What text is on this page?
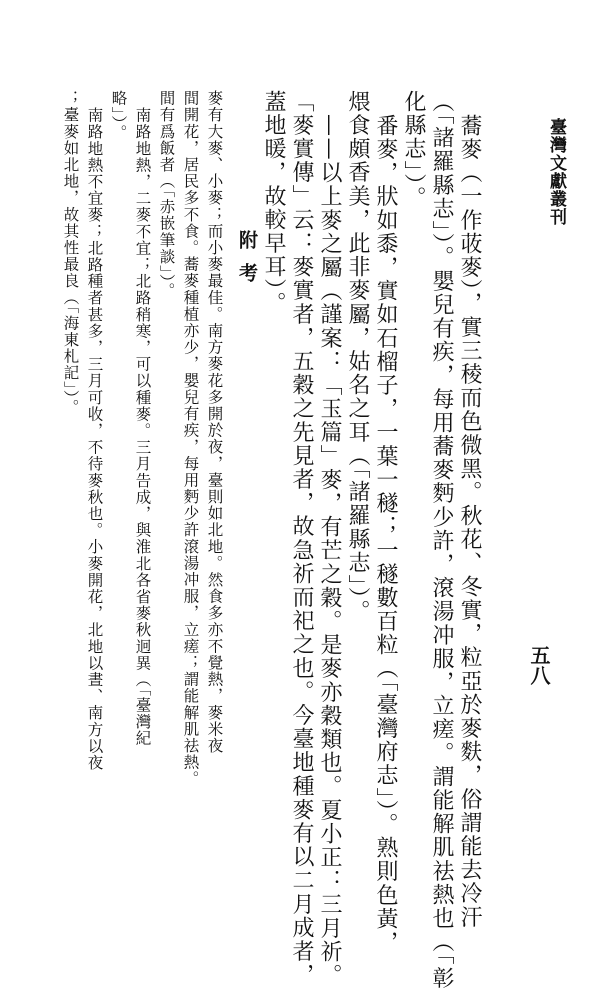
臺灣文獻叢刊
五八
蕎麥（一作荍麥），實三稜而色微黑。秋花、冬實，粒亞於麥麩，俗謂能去冷汗
（「諸羅縣志」）。嬰兒有疾，每用蕎麥麪少許，滾湯冲服，立瘥。謂能解肌祛熱也（「彰
化縣志」）。
番麥，狀如黍，實如石榴子，一葉一穟；一穟數百粒（「臺灣府志」）。熟則色黃，
煨食頗香美，此非麥屬，姑名之耳（「諸羅縣志」）。
——以上麥之屬（謹案：「玉篇」麥，有芒之穀。是麥亦穀類也。夏小正：三月祈。
「麥實傳」云：麥實者，五穀之先見者，故急祈而祀之也。今臺地種麥有以二月成者，
蓋地暖，故較早耳）。
附考
麥有大麥、小麥；而小麥最佳。南方麥花多開於夜，臺則如北地。然食多亦不覺熱，麥米夜
間開花，居民多不食。蕎麥種植亦少，嬰兒有疾，每用麪少許滾湯冲服，立瘥；謂能解肌祛熱。
間有爲飯者（「赤嵌筆談」）。
南路地熱，二麥不宜；北路稍寒，可以種麥。三月告成，與淮北各省麥秋迥異（「臺灣紀
略」）。
南路地熱不宜麥；北路種者甚多，三月可收，不待麥秋也。小麥開花，北地以晝、南方以夜
；臺麥如北地，故其性最良（「海東札記」）。
